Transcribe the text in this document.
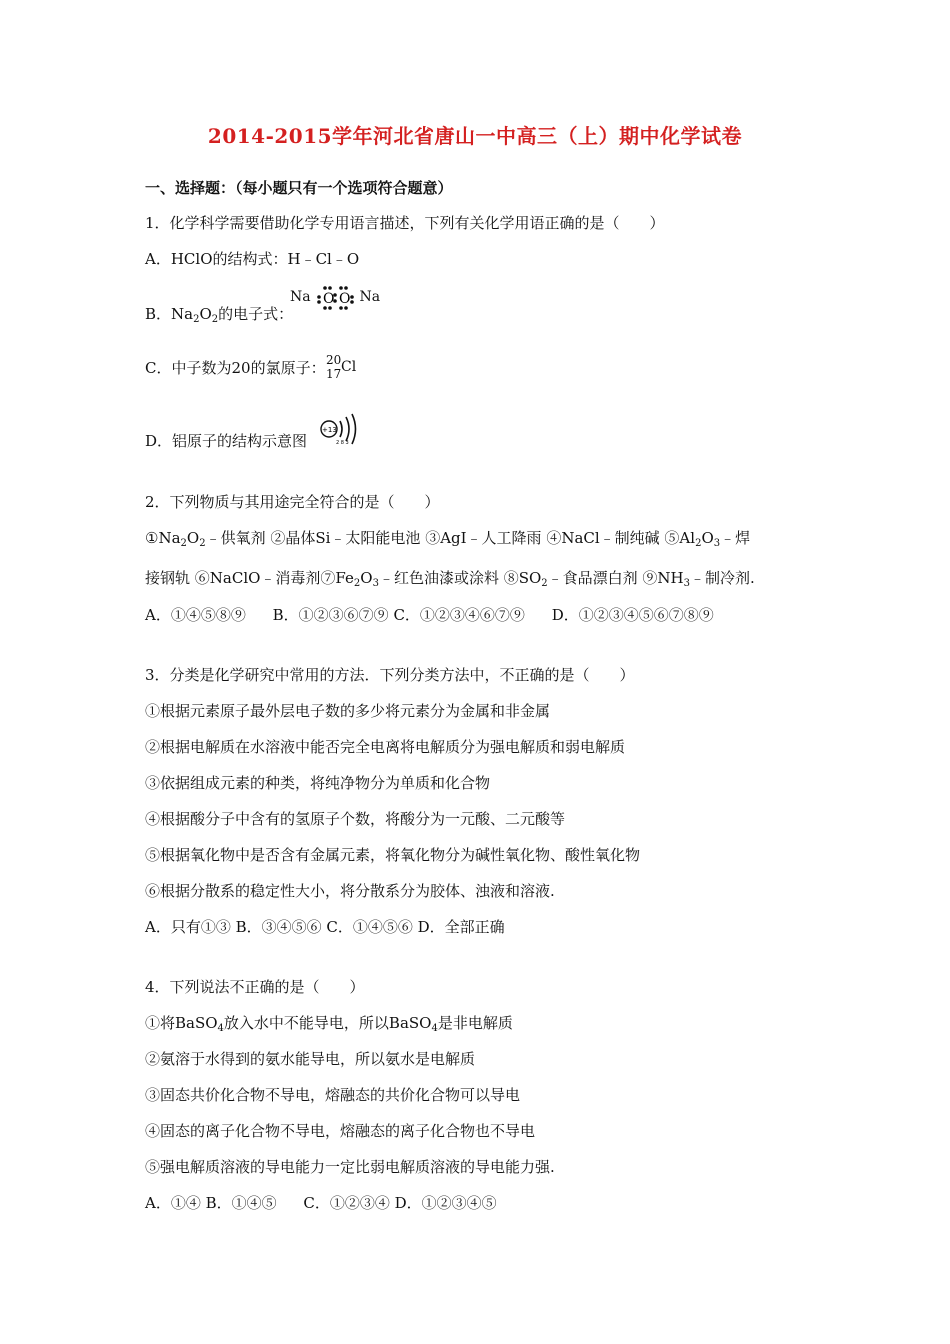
2014-2015学年河北省唐山一中高三（上）期中化学试卷
一、选择题：（每小题只有一个选项符合题意）
1．化学科学需要借助化学专用语言描述，下列有关化学用语正确的是（　　）
A．HClO的结构式：H﹣Cl﹣O
B．$Na_2O_2$的电子式：
Na O O Na
C．中子数为20的氯原子： 20
17 Cl
D．铝原子的结构示意图
+13
2 8 3
2．下列物质与其用途完全符合的是（　　）
$①Na_2O_2﹣$供氧剂 ②晶体Si﹣太阳能电池 ③AgI﹣人工降雨 ④NaCl﹣制纯碱 $⑤Al_2O_3﹣$焊
接钢轨 ⑥NaClO﹣消毒剂$⑦Fe_2O_3﹣$红色油漆或涂料 $⑧SO_2﹣$食品漂白剂 $⑨NH_3﹣$制冷剂.
A．①④⑤⑧⑨ B．①②③⑥⑦⑨ C．①②③④⑥⑦⑨ D．①②③④⑤⑥⑦⑧⑨
3．分类是化学研究中常用的方法．下列分类方法中，不正确的是（　　）
①根据元素原子最外层电子数的多少将元素分为金属和非金属
②根据电解质在水溶液中能否完全电离将电解质分为强电解质和弱电解质
③依据组成元素的种类，将纯净物分为单质和化合物
④根据酸分子中含有的氢原子个数，将酸分为一元酸、二元酸等
⑤根据氧化物中是否含有金属元素，将氧化物分为碱性氧化物、酸性氧化物
⑥根据分散系的稳定性大小，将分散系分为胶体、浊液和溶液.
A．只有①③ B．③④⑤⑥ C．①④⑤⑥ D．全部正确
4．下列说法不正确的是（　　）
①将BaSO$_4$放入水中不能导电，所以BaSO$_4$是非电解质
②氨溶于水得到的氨水能导电，所以氨水是电解质
③固态共价化合物不导电，熔融态的共价化合物可以导电
④固态的离子化合物不导电，熔融态的离子化合物也不导电
⑤强电解质溶液的导电能力一定比弱电解质溶液的导电能力强.
A．①④ B．①④⑤ C．①②③④ D．①②③④⑤
